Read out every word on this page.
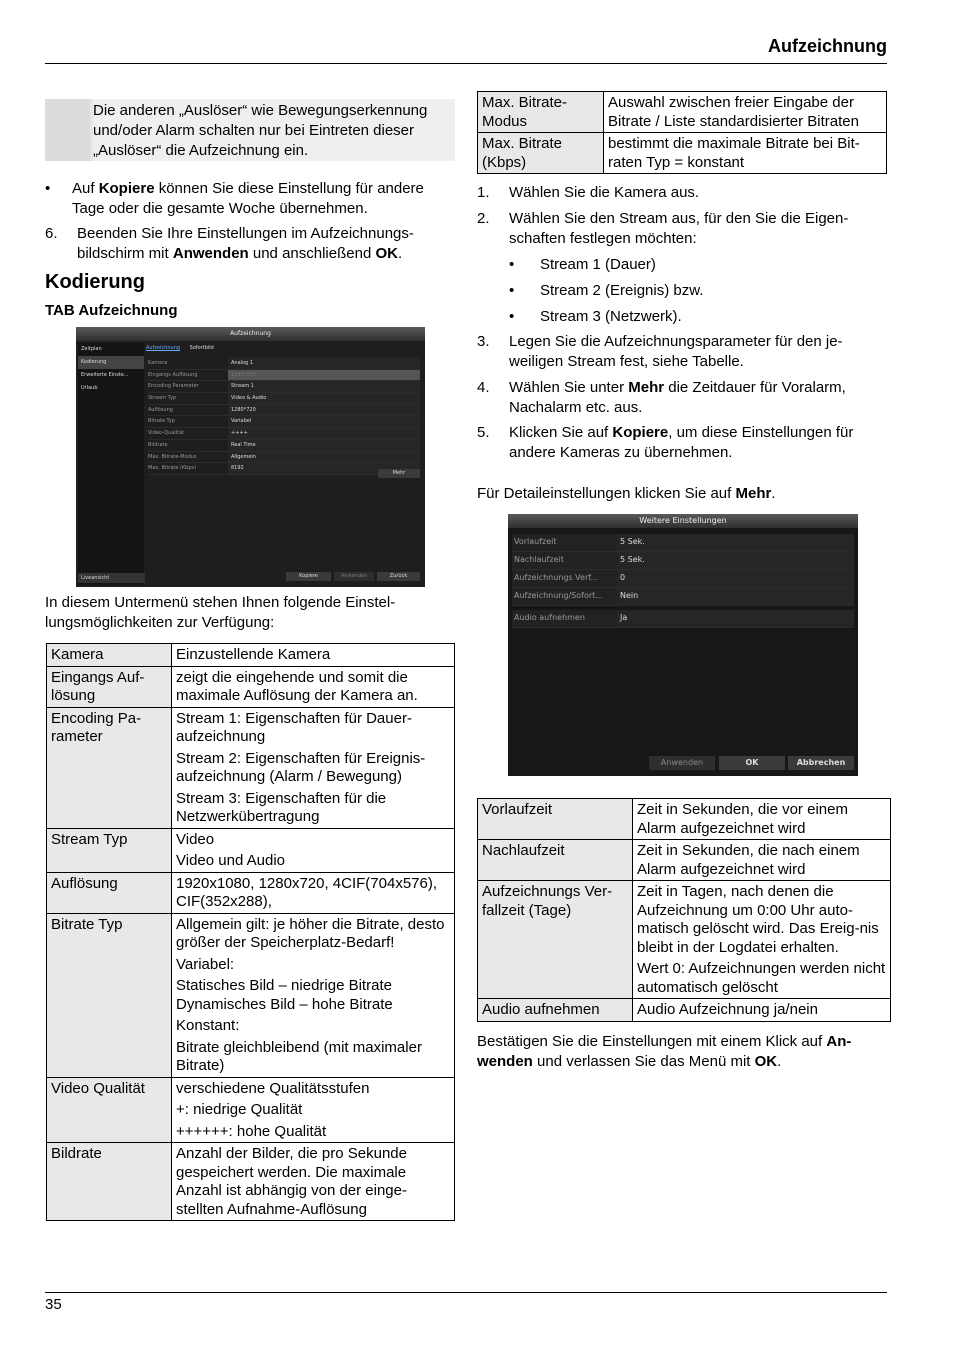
Aufzeichnung

Die anderen „Auslöser“ wie Bewegungserkennung und/oder Alarm schalten nur bei Eintreten dieser „Auslöser“ die Aufzeichnung ein.

• Auf Kopiere können Sie diese Einstellung für andere Tage oder die gesamte Woche übernehmen.
6. Beenden Sie Ihre Einstellungen im Aufzeichnungs-bildschirm mit Anwenden und anschließend OK.
Kodierung
TAB Aufzeichnung
Aufzeichnung
Zeitplan
Kodierung
Erweiterte Einste...
Urlaub
Liveansicht
Aufzeichnung Sofortbild
Kamera	Analog 1
Eingangs Auflösung	1280*720
Encoding Parameter	Stream 1
Stream Typ	Video & Audio
Auflösung	1280*720
Bitrate Typ	Variabel
Video-Qualität	++++
Bildrate	Real Time
Max. Bitrate-Modus	Allgemein
Max. Bitrate (Kbps)	8192
Mehr
Kopiere	Anwenden	Zurück

In diesem Untermenü stehen Ihnen folgende Einstel-lungsmöglichkeiten zur Verfügung:

Kamera	Einzustellende Kamera

Eingangs Auf-lösung	zeigt die eingehende und somit die maximale Auflösung der Kamera an.

Encoding Pa-rameter	Stream 1: Eigenschaften für Dauer-aufzeichnung
Stream 2: Eigenschaften für Ereignis-aufzeichnung (Alarm / Bewegung)
Stream 3: Eigenschaften für die Netzwerkübertragung

Stream Typ	Video
Video und Audio

Auflösung	1920x1080, 1280x720, 4CIF(704x576), CIF(352x288),

Bitrate Typ	Allgemein gilt: je höher die Bitrate, desto größer der Speicherplatz-Bedarf!
Variabel:
Statisches Bild – niedrige Bitrate Dynamisches Bild – hohe Bitrate
Konstant:
Bitrate gleichbleibend (mit maximaler Bitrate)

Video Qualität	verschiedene Qualitätsstufen
+: niedrige Qualität
++++++: hohe Qualität

Bildrate	Anzahl der Bilder, die pro Sekunde gespeichert werden. Die maximale Anzahl ist abhängig von der einge-stellten Aufnahme-Auflösung
Max. Bitrate-Modus	Auswahl zwischen freier Eingabe der Bitrate / Liste standardisierter Bitraten

Max. Bitrate (Kbps)	bestimmt die maximale Bitrate bei Bit-raten Typ = konstant
1. Wählen Sie die Kamera aus.
2. Wählen Sie den Stream aus, für den Sie die Eigen-schaften festlegen möchten:
• Stream 1 (Dauer)
• Stream 2 (Ereignis) bzw.
• Stream 3 (Netzwerk).
3. Legen Sie die Aufzeichnungsparameter für den je-weiligen Stream fest, siehe Tabelle.
4. Wählen Sie unter Mehr die Zeitdauer für Voralarm, Nachalarm etc. aus.
5. Klicken Sie auf Kopiere, um diese Einstellungen für andere Kameras zu übernehmen.

Für Detaileinstellungen klicken Sie auf Mehr.

Weitere Einstellungen
Vorlaufzeit	5 Sek.
Nachlaufzeit	5 Sek.
Aufzeichnungs Verf...	0
Aufzeichnung/Sofort...	Nein
Audio aufnehmen	Ja
Anwenden	OK	Abbrechen
Vorlaufzeit	Zeit in Sekunden, die vor einem Alarm aufgezeichnet wird

Nachlaufzeit	Zeit in Sekunden, die nach einem Alarm aufgezeichnet wird

Aufzeichnungs Ver-fallzeit (Tage)	Zeit in Tagen, nach denen die Aufzeichnung um 0:00 Uhr auto-matisch gelöscht wird. Das Ereig-nis bleibt in der Logdatei erhalten.
Wert 0: Aufzeichnungen werden nicht automatisch gelöscht

Audio aufnehmen	Audio Aufzeichnung ja/nein

Bestätigen Sie die Einstellungen mit einem Klick auf An-wenden und verlassen Sie das Menü mit OK.

35
